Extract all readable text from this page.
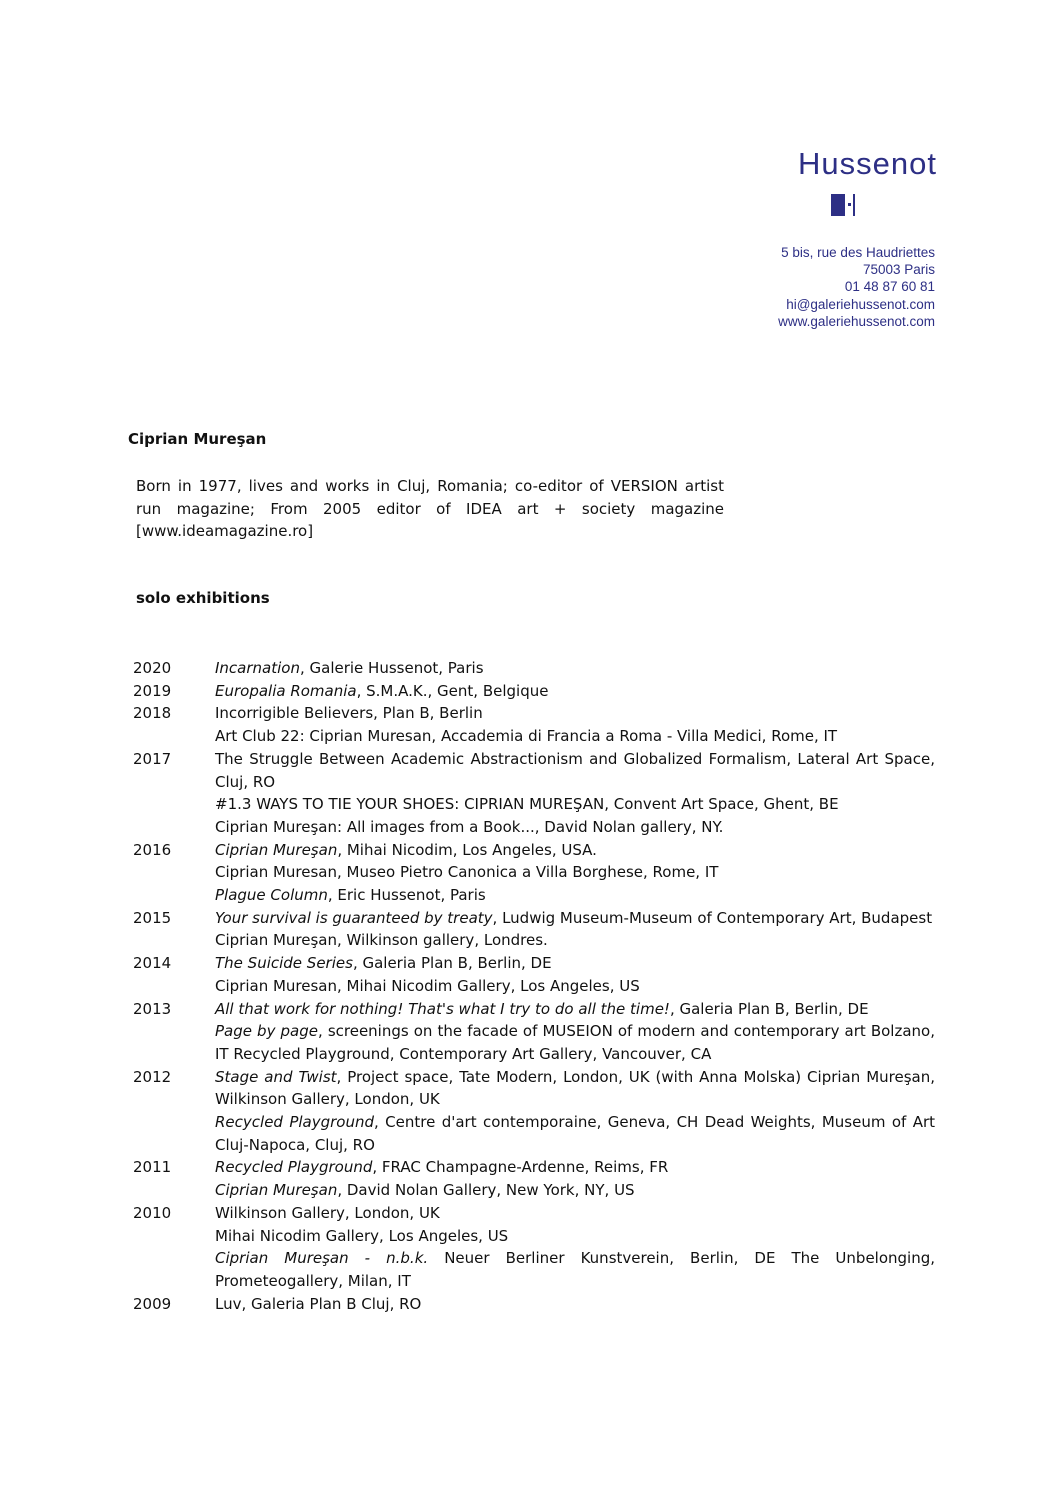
Hussenot
5 bis, rue des Haudriettes
75003 Paris
01 48 87 60 81
hi@galeriehussenot.com
www.galeriehussenot.com
Ciprian Mureşan
Born in 1977, lives and works in Cluj, Romania; co-editor of VERSION artist run magazine; From 2005 editor of IDEA art + society magazine [www.ideamagazine.ro]
solo exhibitions
2020	Incarnation, Galerie Hussenot, Paris
2019	Europalia Romania, S.M.A.K., Gent, Belgique
2018	Incorrigible Believers, Plan B, Berlin
Art Club 22: Ciprian Muresan, Accademia di Francia a Roma - Villa Medici, Rome, IT
2017	The Struggle Between Academic Abstractionism and Globalized Formalism, Lateral Art Space, Cluj, RO
#1.3 WAYS TO TIE YOUR SHOES: CIPRIAN MUREŞAN, Convent Art Space, Ghent, BE
Ciprian Mureşan: All images from a Book..., David Nolan gallery, NY.
2016	Ciprian Mureşan, Mihai Nicodim, Los Angeles, USA.
Ciprian Muresan, Museo Pietro Canonica a Villa Borghese, Rome, IT
Plague Column, Eric Hussenot, Paris
2015	Your survival is guaranteed by treaty, Ludwig Museum-Museum of Contemporary Art, Budapest
Ciprian Mureşan, Wilkinson gallery, Londres.
2014	The Suicide Series, Galeria Plan B, Berlin, DE
Ciprian Muresan, Mihai Nicodim Gallery, Los Angeles, US
2013	All that work for nothing! That's what I try to do all the time!, Galeria Plan B, Berlin, DE
Page by page, screenings on the facade of MUSEION of modern and contemporary art Bolzano, IT Recycled Playground, Contemporary Art Gallery, Vancouver, CA
2012	Stage and Twist, Project space, Tate Modern, London, UK (with Anna Molska) Ciprian Mureşan, Wilkinson Gallery, London, UK
Recycled Playground, Centre d'art contemporaine, Geneva, CH Dead Weights, Museum of Art Cluj-Napoca, Cluj, RO
2011	Recycled Playground, FRAC Champagne-Ardenne, Reims, FR
Ciprian Mureşan, David Nolan Gallery, New York, NY, US
2010	Wilkinson Gallery, London, UK
Mihai Nicodim Gallery, Los Angeles, US
Ciprian Mureşan - n.b.k. Neuer Berliner Kunstverein, Berlin, DE The Unbelonging, Prometeogallery, Milan, IT
2009	Luv, Galeria Plan B Cluj, RO
